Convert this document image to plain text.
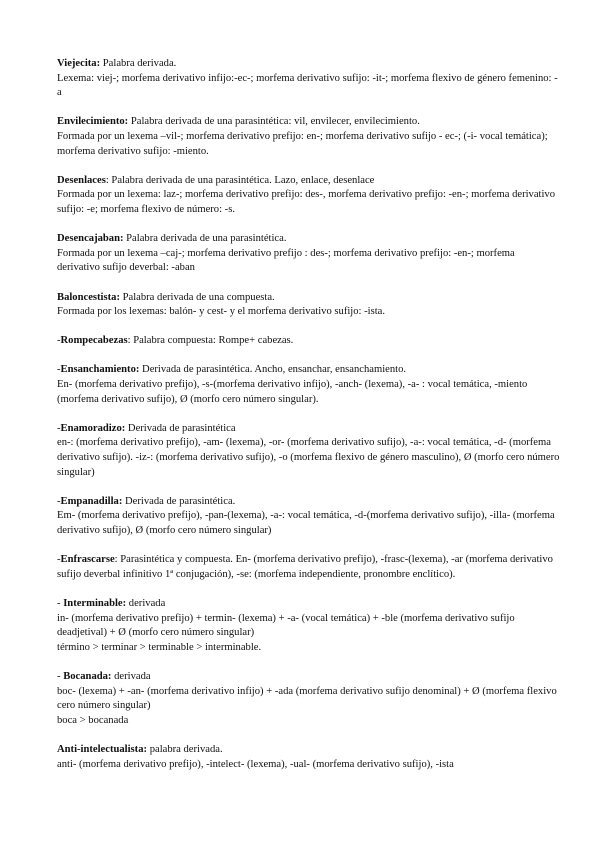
Viejecita: Palabra derivada.

Lexema: viej-; morfema derivativo infijo:-ec-; morfema derivativo sufijo: -it-; morfema flexivo de género femenino: -a

Envilecimiento: Palabra derivada de una parasintética: vil, envilecer, envilecimiento.

Formada por un lexema –vil-; morfema derivativo prefijo: en-; morfema derivativo sufijo - ec-; (-i- vocal temática); morfema derivativo sufijo: -miento.

Desenlaces: Palabra derivada de una parasintética. Lazo, enlace, desenlace

Formada por un lexema: laz-; morfema derivativo prefijo: des-, morfema derivativo prefijo: -en-; morfema derivativo sufijo: -e; morfema flexivo de número: -s.

Desencajaban: Palabra derivada de una parasintética.

Formada por un lexema –caj-; morfema derivativo prefijo : des-; morfema derivativo prefijo: -en-; morfema derivativo sufijo deverbal: -aban

Baloncestista: Palabra derivada de una compuesta.

Formada por los lexemas: balón- y cest- y el morfema derivativo sufijo: -ista.

-Rompecabezas: Palabra compuesta: Rompe+ cabezas.

-Ensanchamiento: Derivada de parasintética. Ancho, ensanchar, ensanchamiento.

En- (morfema derivativo prefijo), -s-(morfema derivativo infijo), -anch- (lexema), -a- : vocal temática, -miento (morfema derivativo sufijo), Ø (morfo cero número singular).

-Enamoradizo: Derivada de parasintética

en-: (morfema derivativo prefijo), -am- (lexema), -or- (morfema derivativo sufijo), -a-: vocal temática, -d- (morfema derivativo sufijo). -iz-: (morfema derivativo sufijo), -o (morfema flexivo de género masculino), Ø (morfo cero número singular)

-Empanadilla: Derivada de parasintética.

Em- (morfema derivativo prefijo), -pan-(lexema), -a-: vocal temática, -d-(morfema derivativo sufijo), -illa- (morfema derivativo sufijo), Ø (morfo cero número singular)

-Enfrascarse: Parasintética y compuesta. En- (morfema derivativo prefijo), -frasc-(lexema), -ar (morfema derivativo sufijo deverbal infinitivo 1ª conjugación), -se: (morfema independiente, pronombre enclítico).

- Interminable: derivada

in- (morfema derivativo prefijo) + termin- (lexema) + -a- (vocal temática) + -ble (morfema derivativo sufijo deadjetival) + Ø (morfo cero número singular)

término > terminar > terminable > interminable.

- Bocanada: derivada

boc- (lexema) + -an- (morfema derivativo infijo) + -ada (morfema derivativo sufijo denominal) + Ø (morfema flexivo cero número singular)

boca > bocanada

Anti-intelectualista: palabra derivada.

anti- (morfema derivativo prefijo), -intelect- (lexema), -ual- (morfema derivativo sufijo), -ista
